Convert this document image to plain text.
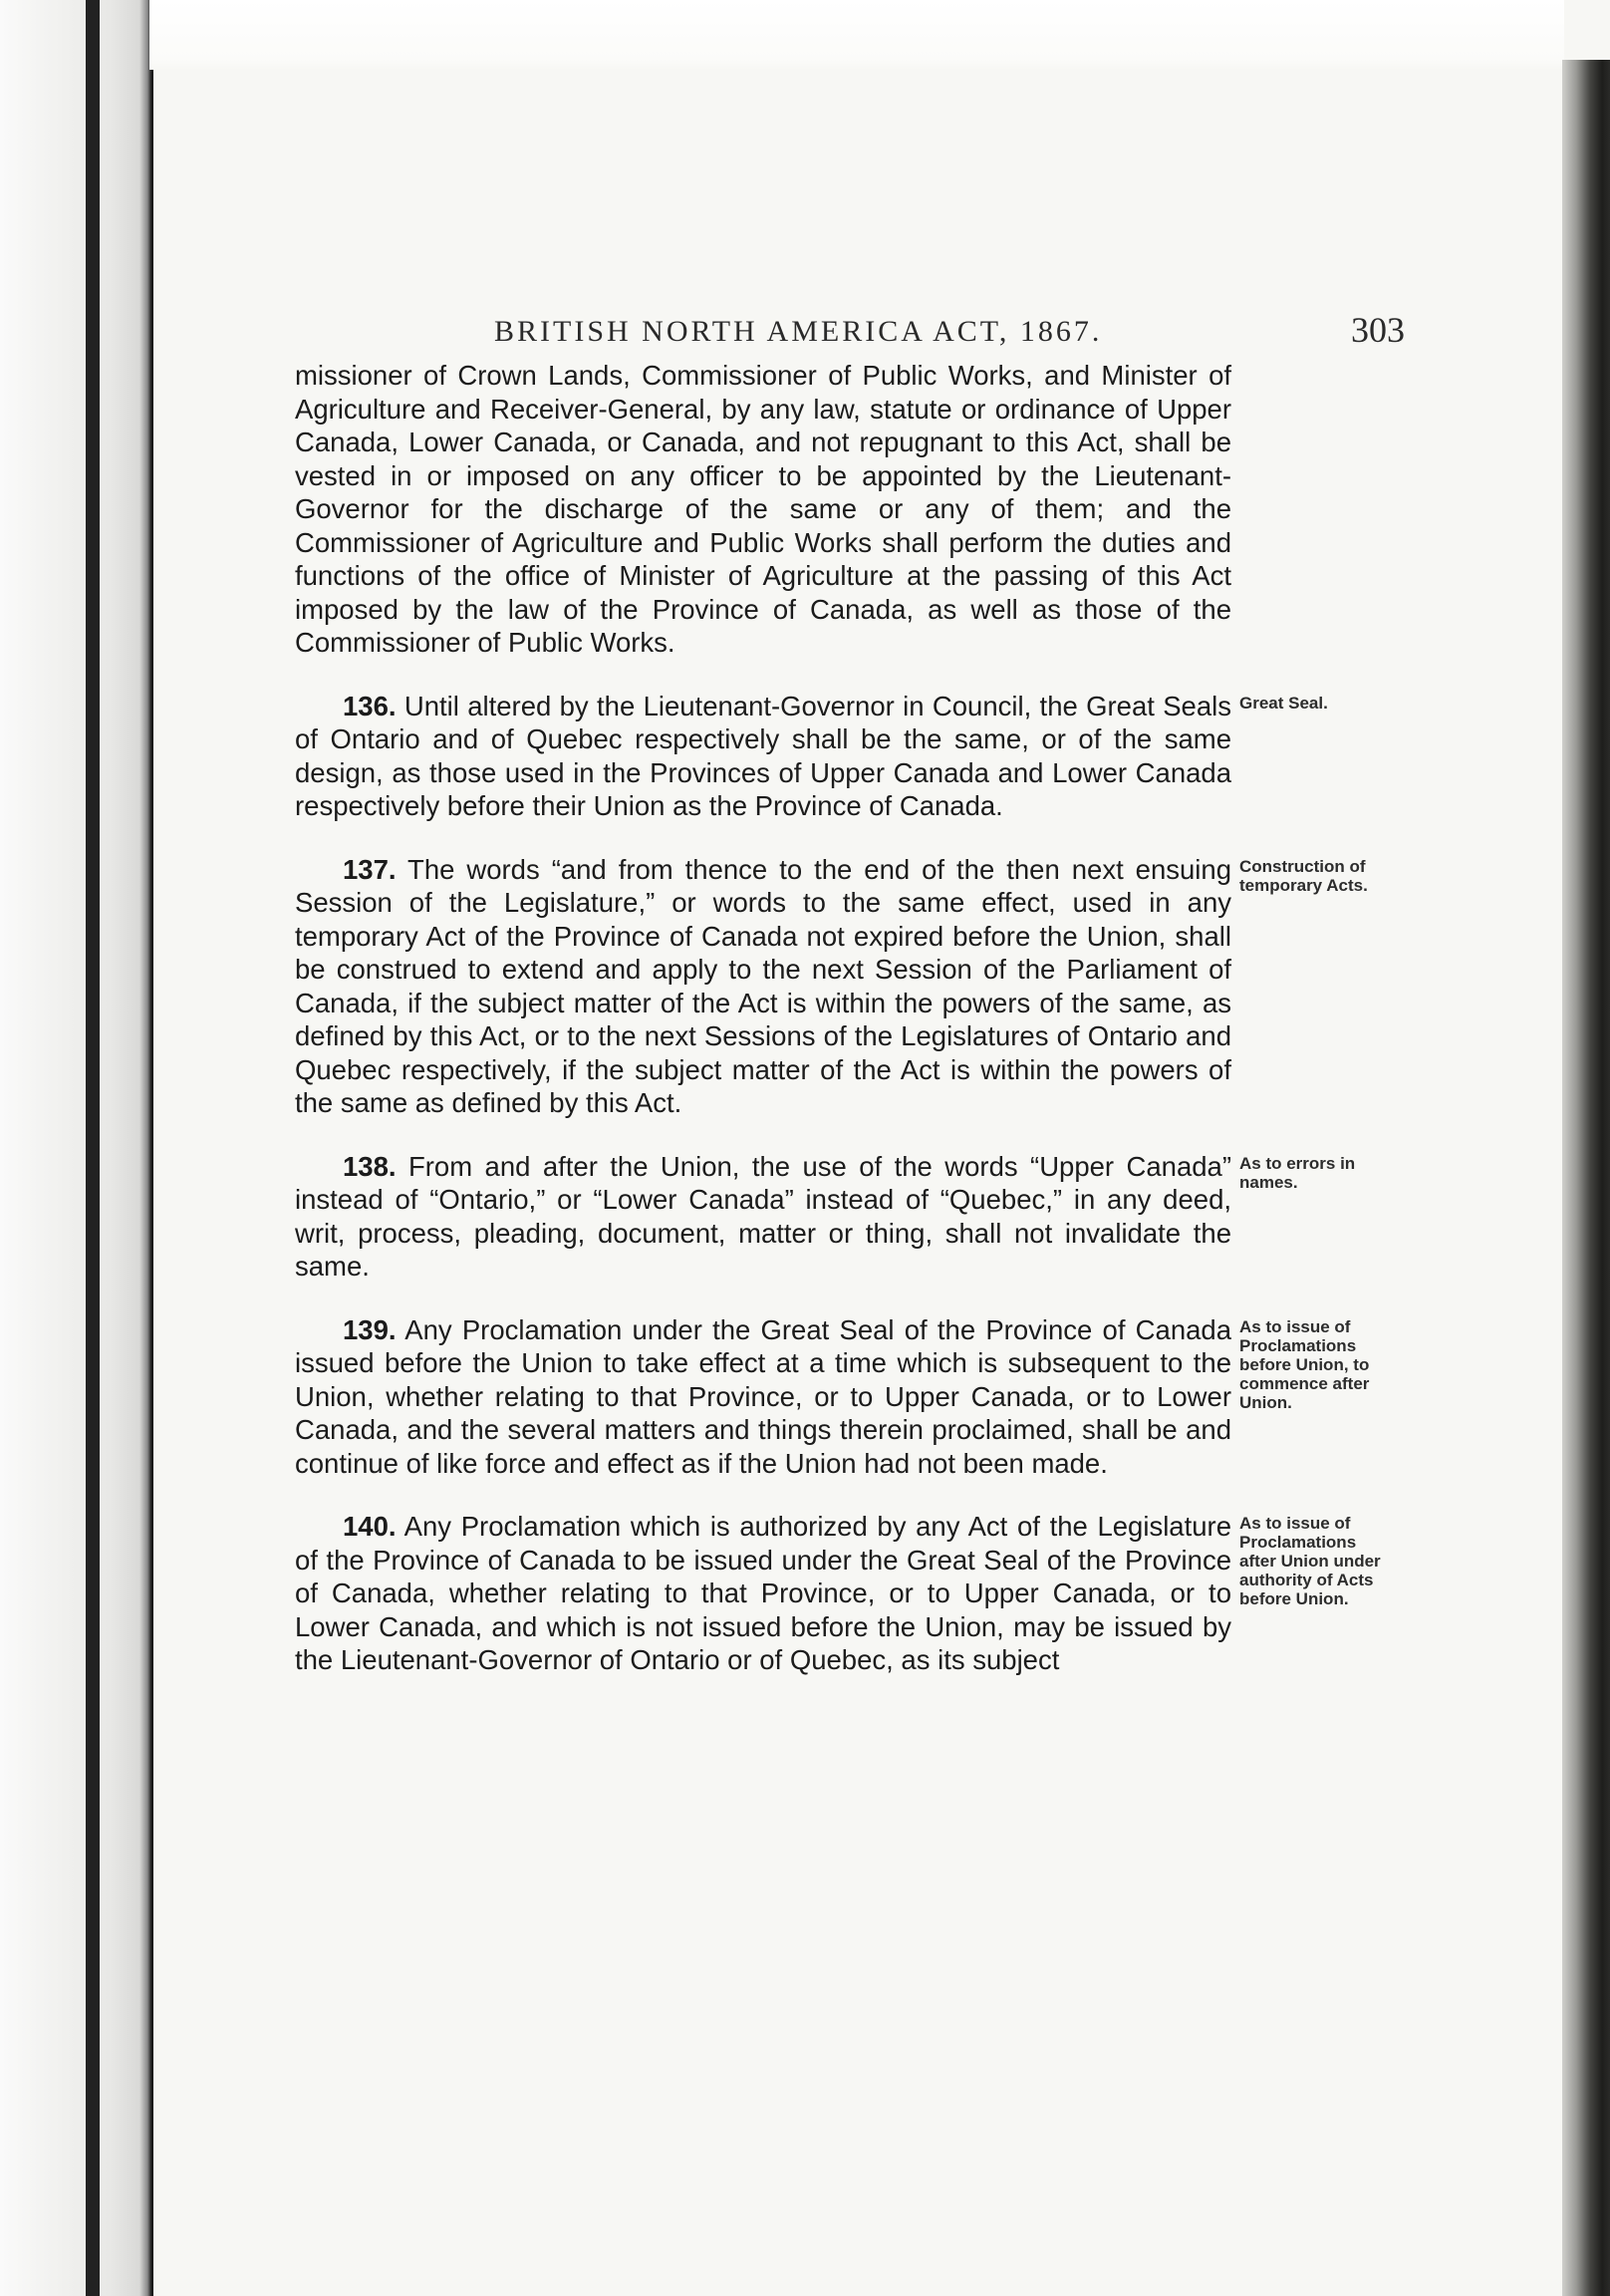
BRITISH NORTH AMERICA ACT, 1867.	303

missioner of Crown Lands, Commissioner of Public Works, and Minister of Agriculture and Receiver-General, by any law, statute or ordinance of Upper Canada, Lower Canada, or Canada, and not repugnant to this Act, shall be vested in or imposed on any officer to be appointed by the Lieutenant-Governor for the discharge of the same or any of them; and the Commissioner of Agriculture and Public Works shall perform the duties and functions of the office of Minister of Agriculture at the passing of this Act imposed by the law of the Province of Canada, as well as those of the Commissioner of Public Works.

136. Until altered by the Lieutenant-Governor in Council, the Great Seals of Ontario and of Quebec respectively shall be the same, or of the same design, as those used in the Provinces of Upper Canada and Lower Canada respectively before their Union as the Province of Canada.

Great Seal.

137. The words “and from thence to the end of the then next ensuing Session of the Legislature,” or words to the same effect, used in any temporary Act of the Province of Canada not expired before the Union, shall be construed to extend and apply to the next Session of the Parliament of Canada, if the subject matter of the Act is within the powers of the same, as defined by this Act, or to the next Sessions of the Legislatures of Ontario and Quebec respectively, if the subject matter of the Act is within the powers of the same as defined by this Act.

Construction of temporary Acts.

138. From and after the Union, the use of the words “Upper Canada” instead of “Ontario,” or “Lower Canada” instead of “Quebec,” in any deed, writ, process, pleading, document, matter or thing, shall not invalidate the same.

As to errors in names.

139. Any Proclamation under the Great Seal of the Province of Canada issued before the Union to take effect at a time which is subsequent to the Union, whether relating to that Province, or to Upper Canada, or to Lower Canada, and the several matters and things therein proclaimed, shall be and continue of like force and effect as if the Union had not been made.

As to issue of Proclamations before Union, to commence after Union.

140. Any Proclamation which is authorized by any Act of the Legislature of the Province of Canada to be issued under the Great Seal of the Province of Canada, whether relating to that Province, or to Upper Canada, or to Lower Canada, and which is not issued before the Union, may be issued by the Lieutenant-Governor of Ontario or of Quebec, as its subject

As to issue of Proclamations after Union under authority of Acts before Union.
